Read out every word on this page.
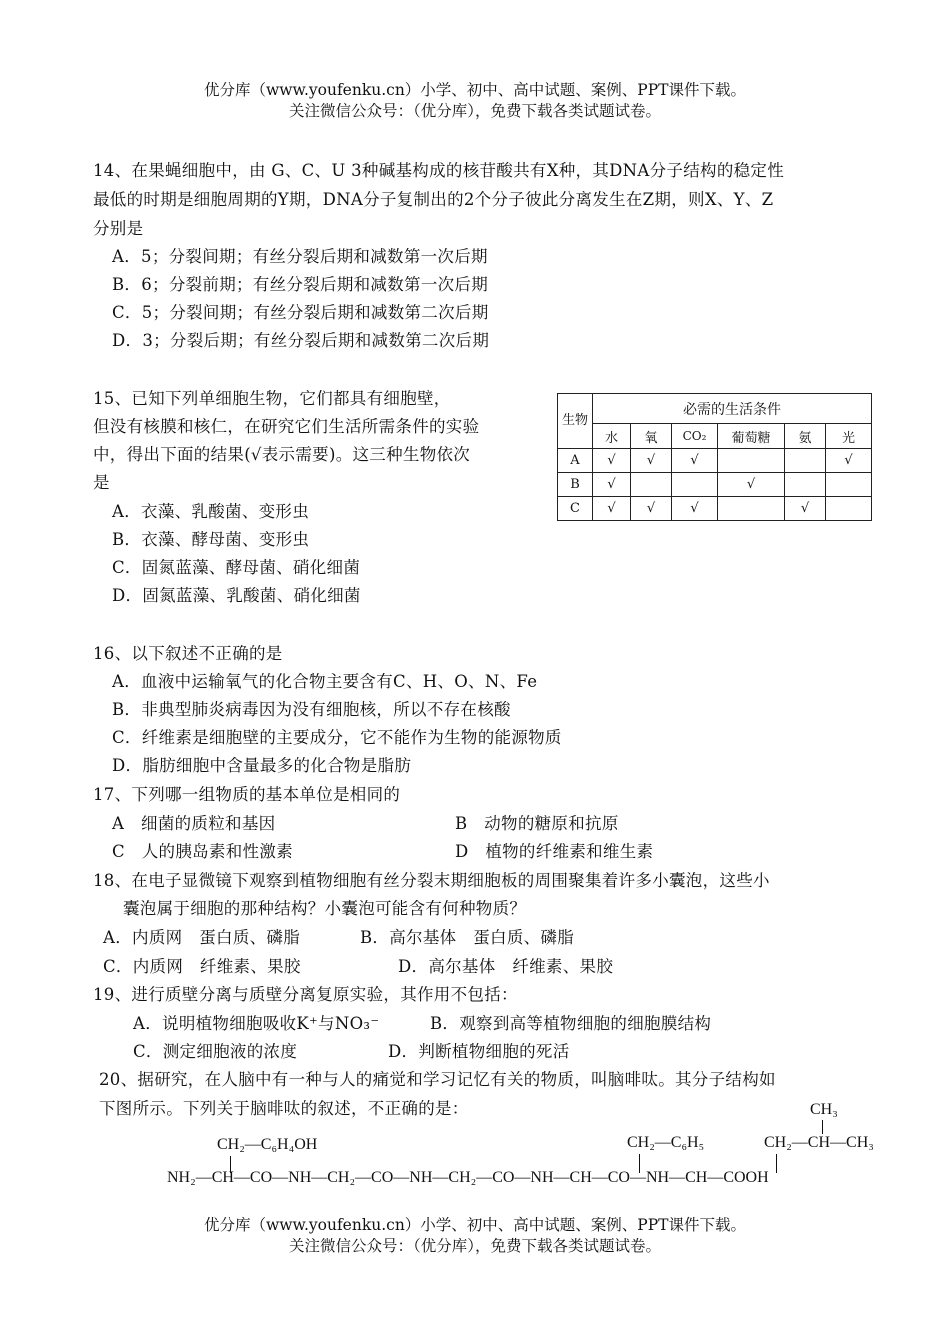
优分库（www.youfenku.cn）小学、初中、高中试题、案例、PPT课件下载。
关注微信公众号：（优分库），免费下载各类试题试卷。
14、在果蝇细胞中，由 G、C、U 3种碱基构成的核苷酸共有X种，其DNA分子结构的稳定性
最低的时期是细胞周期的Y期，DNA分子复制出的2个分子彼此分离发生在Z期，则X、Y、Z
分别是
A．5；分裂间期；有丝分裂后期和减数第一次后期
B．6；分裂前期；有丝分裂后期和减数第一次后期
C．5；分裂间期；有丝分裂后期和减数第二次后期
D．3；分裂后期；有丝分裂后期和减数第二次后期
15、已知下列单细胞生物，它们都具有细胞壁，
但没有核膜和核仁，在研究它们生活所需条件的实验
中，得出下面的结果(√表示需要)。这三种生物依次
是
A．衣藻、乳酸菌、变形虫
B．衣藻、酵母菌、变形虫
C．固氮蓝藻、酵母菌、硝化细菌
D．固氮蓝藻、乳酸菌、硝化细菌
生物	必需的生活条件					
	水	氧	CO₂	葡萄糖	氨	光
A	√	√	√			√
B	√			√		
C	√	√	√		√	
16、以下叙述不正确的是
A．血液中运输氧气的化合物主要含有C、H、O、N、Fe
B．非典型肺炎病毒因为没有细胞核，所以不存在核酸
C．纤维素是细胞壁的主要成分，它不能作为生物的能源物质
D．脂肪细胞中含量最多的化合物是脂肪
17、下列哪一组物质的基本单位是相同的
A　细菌的质粒和基因	B　动物的糖原和抗原
C　人的胰岛素和性激素	D　植物的纤维素和维生素
18、在电子显微镜下观察到植物细胞有丝分裂末期细胞板的周围聚集着许多小囊泡，这些小
囊泡属于细胞的那种结构？小囊泡可能含有何种物质？
A．内质网　蛋白质、磷脂	B．高尔基体　蛋白质、磷脂
C．内质网　纤维素、果胶	D．高尔基体　纤维素、果胶
19、进行质壁分离与质壁分离复原实验，其作用不包括：
A．说明植物细胞吸收K⁺与NO₃⁻	B．观察到高等植物细胞的细胞膜结构
C．测定细胞液的浓度	D．判断植物细胞的死活
20、据研究，在人脑中有一种与人的痛觉和学习记忆有关的物质，叫脑啡呔。其分子结构如
下图所示。下列关于脑啡呔的叙述，不正确的是：	CH₃
CH₂—C₆H₄OH	CH₂—C₆H₅	CH₂—CH—CH₃
NH₂—CH—CO—NH—CH₂—CO—NH—CH₂—CO—NH—CH—CO—NH—CH—COOH
优分库（www.youfenku.cn）小学、初中、高中试题、案例、PPT课件下载。
关注微信公众号：（优分库），免费下载各类试题试卷。
